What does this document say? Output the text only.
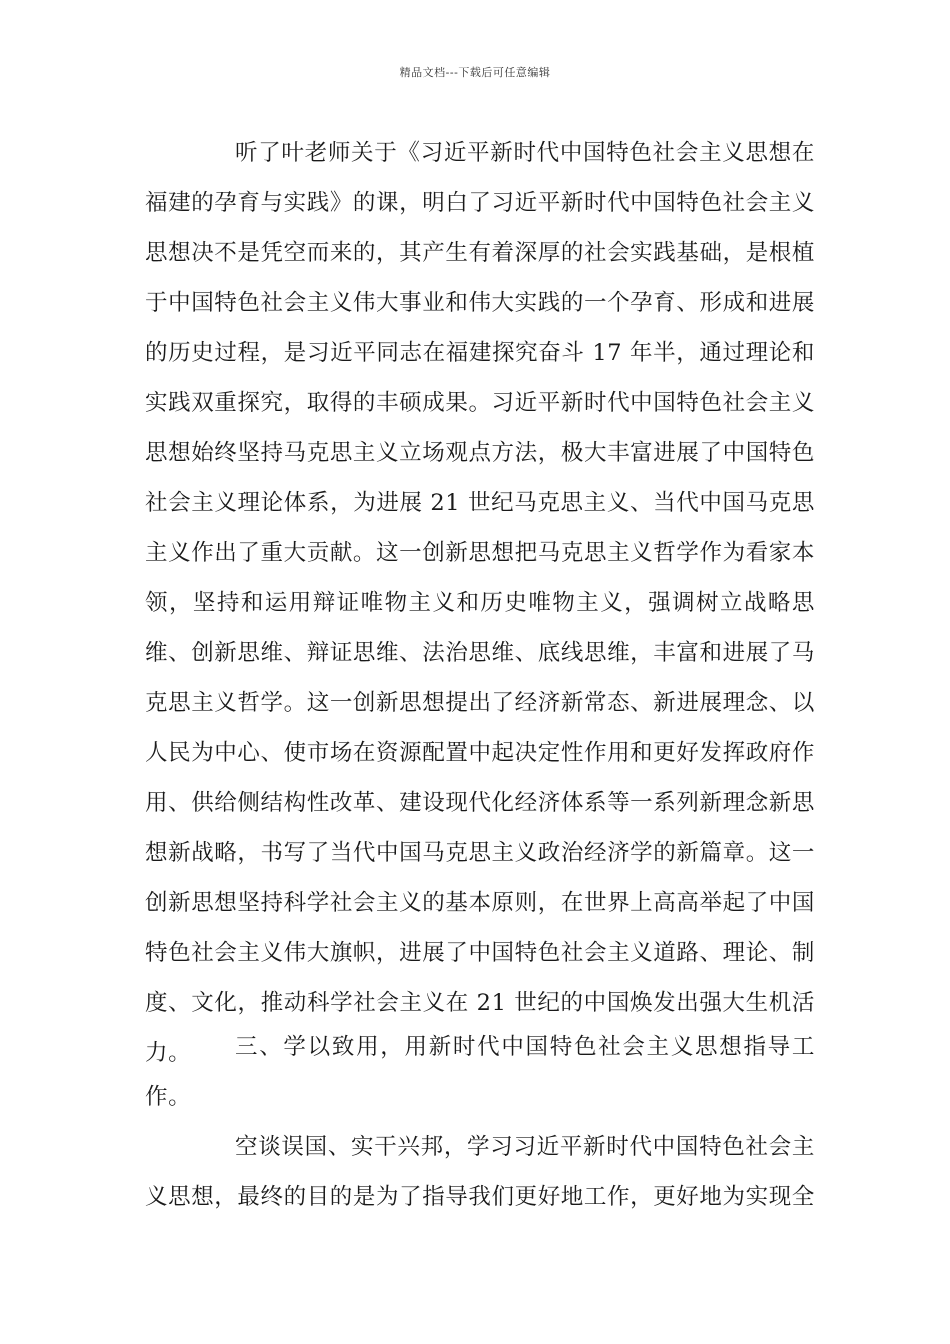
精品文档---下载后可任意编辑

听了叶老师关于《习近平新时代中国特色社会主义思想在福建的孕育与实践》的课，明白了习近平新时代中国特色社会主义思想决不是凭空而来的，其产生有着深厚的社会实践基础，是根植于中国特色社会主义伟大事业和伟大实践的一个孕育、形成和进展的历史过程，是习近平同志在福建探究奋斗 17 年半，通过理论和实践双重探究，取得的丰硕成果。习近平新时代中国特色社会主义思想始终坚持马克思主义立场观点方法，极大丰富进展了中国特色社会主义理论体系，为进展 21 世纪马克思主义、当代中国马克思主义作出了重大贡献。这一创新思想把马克思主义哲学作为看家本领，坚持和运用辩证唯物主义和历史唯物主义，强调树立战略思维、创新思维、辩证思维、法治思维、底线思维，丰富和进展了马克思主义哲学。这一创新思想提出了经济新常态、新进展理念、以人民为中心、使市场在资源配置中起决定性作用和更好发挥政府作用、供给侧结构性改革、建设现代化经济体系等一系列新理念新思想新战略，书写了当代中国马克思主义政治经济学的新篇章。这一创新思想坚持科学社会主义的基本原则，在世界上高高举起了中国特色社会主义伟大旗帜，进展了中国特色社会主义道路、理论、制度、文化，推动科学社会主义在 21 世纪的中国焕发出强大生机活力。	三、学以致用，用新时代中国特色社会主义思想指导工作。

空谈误国、实干兴邦，学习习近平新时代中国特色社会主义思想，最终的目的是为了指导我们更好地工作，更好地为实现全
